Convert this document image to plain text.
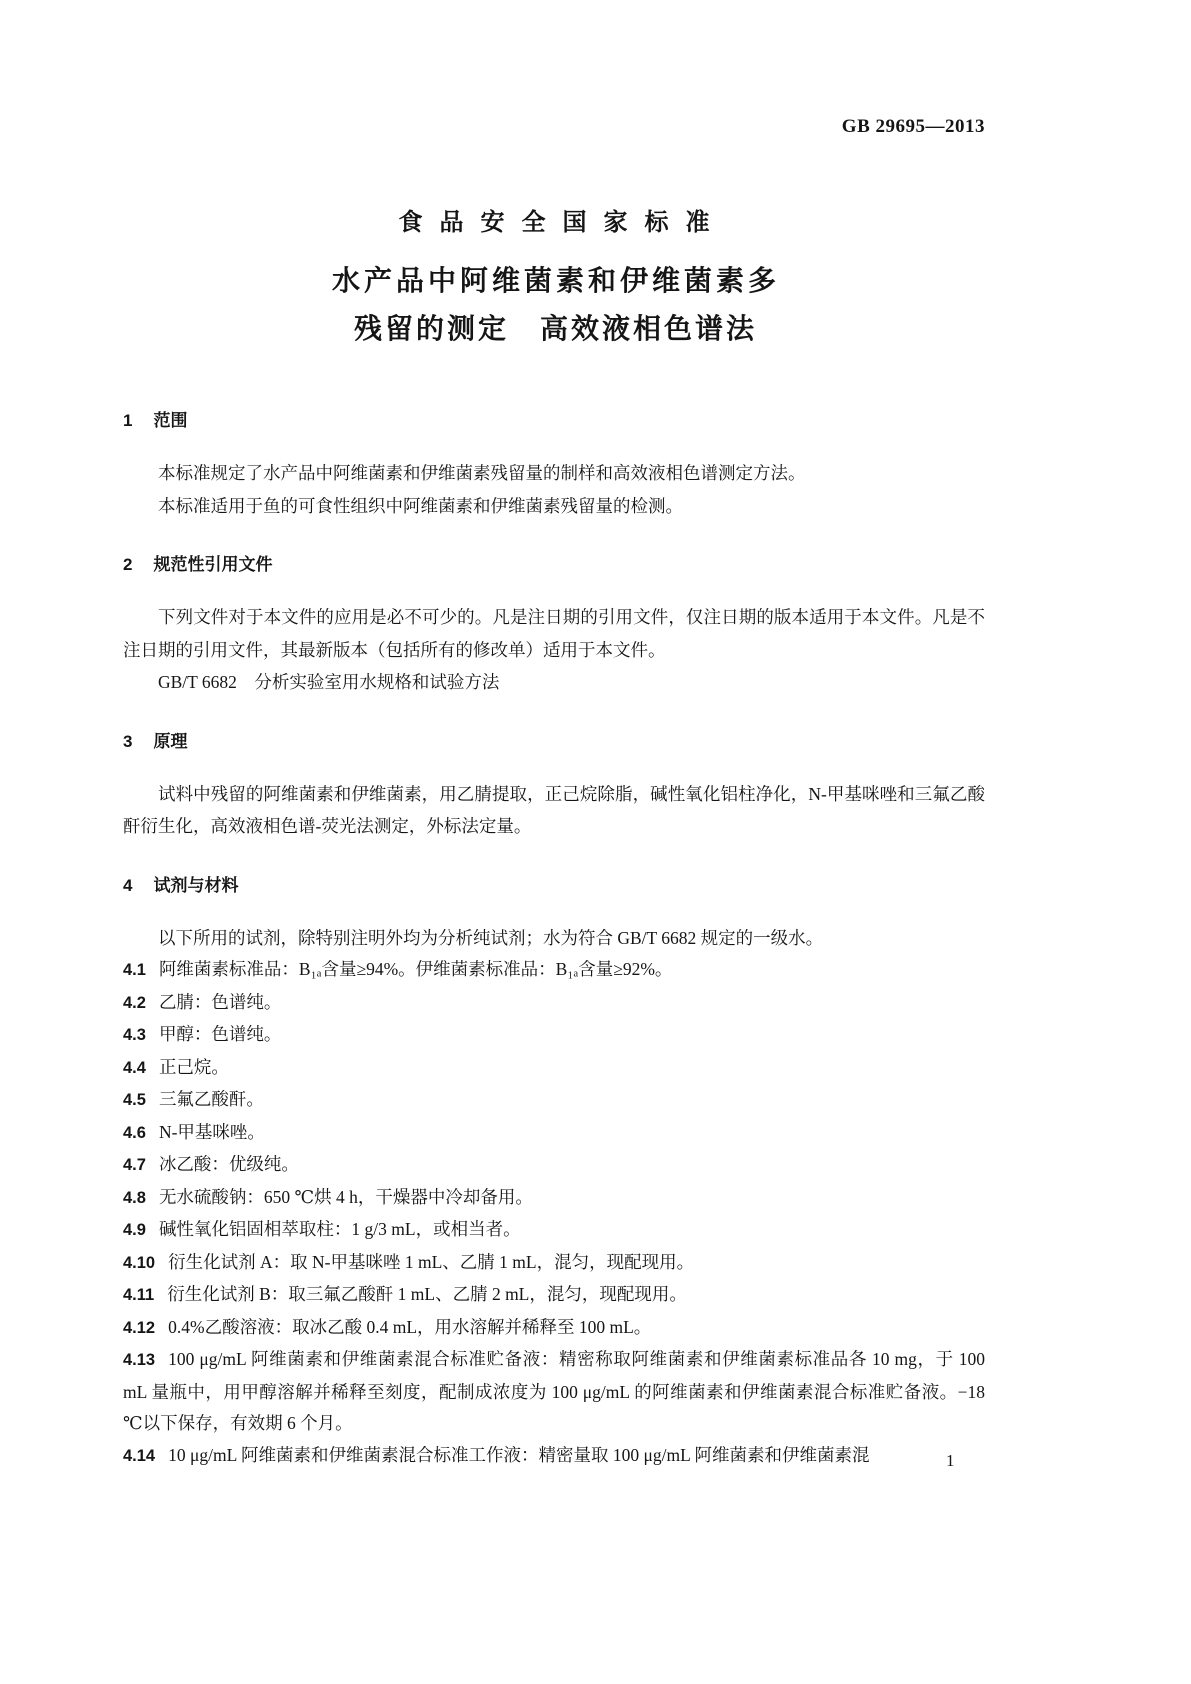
GB 29695—2013
食品安全国家标准
水产品中阿维菌素和伊维菌素多
残留的测定　高效液相色谱法
1 范围

本标准规定了水产品中阿维菌素和伊维菌素残留量的制样和高效液相色谱测定方法。

本标准适用于鱼的可食性组织中阿维菌素和伊维菌素残留量的检测。

2 规范性引用文件

下列文件对于本文件的应用是必不可少的。凡是注日期的引用文件，仅注日期的版本适用于本文件。凡是不注日期的引用文件，其最新版本（包括所有的修改单）适用于本文件。

GB/T 6682　分析实验室用水规格和试验方法

3 原理

试料中残留的阿维菌素和伊维菌素，用乙腈提取，正己烷除脂，碱性氧化铝柱净化，N-甲基咪唑和三氟乙酸酐衍生化，高效液相色谱-荧光法测定，外标法定量。

4 试剂与材料

以下所用的试剂，除特别注明外均为分析纯试剂；水为符合 GB/T 6682 规定的一级水。

4.1 阿维菌素标准品：B₁ₐ含量≥94%。伊维菌素标准品：B₁ₐ含量≥92%。

4.2 乙腈：色谱纯。

4.3 甲醇：色谱纯。

4.4 正己烷。

4.5 三氟乙酸酐。

4.6 N-甲基咪唑。

4.7 冰乙酸：优级纯。

4.8 无水硫酸钠：650 ℃烘 4 h，干燥器中冷却备用。

4.9 碱性氧化铝固相萃取柱：1 g/3 mL，或相当者。

4.10 衍生化试剂 A：取 N-甲基咪唑 1 mL、乙腈 1 mL，混匀，现配现用。

4.11 衍生化试剂 B：取三氟乙酸酐 1 mL、乙腈 2 mL，混匀，现配现用。

4.12 0.4%乙酸溶液：取冰乙酸 0.4 mL，用水溶解并稀释至 100 mL。

4.13 100 μg/mL 阿维菌素和伊维菌素混合标准贮备液：精密称取阿维菌素和伊维菌素标准品各 10 mg，于 100 mL 量瓶中，用甲醇溶解并稀释至刻度，配制成浓度为 100 μg/mL 的阿维菌素和伊维菌素混合标准贮备液。−18 ℃以下保存，有效期 6 个月。

4.14 10 μg/mL 阿维菌素和伊维菌素混合标准工作液：精密量取 100 μg/mL 阿维菌素和伊维菌素混	1
